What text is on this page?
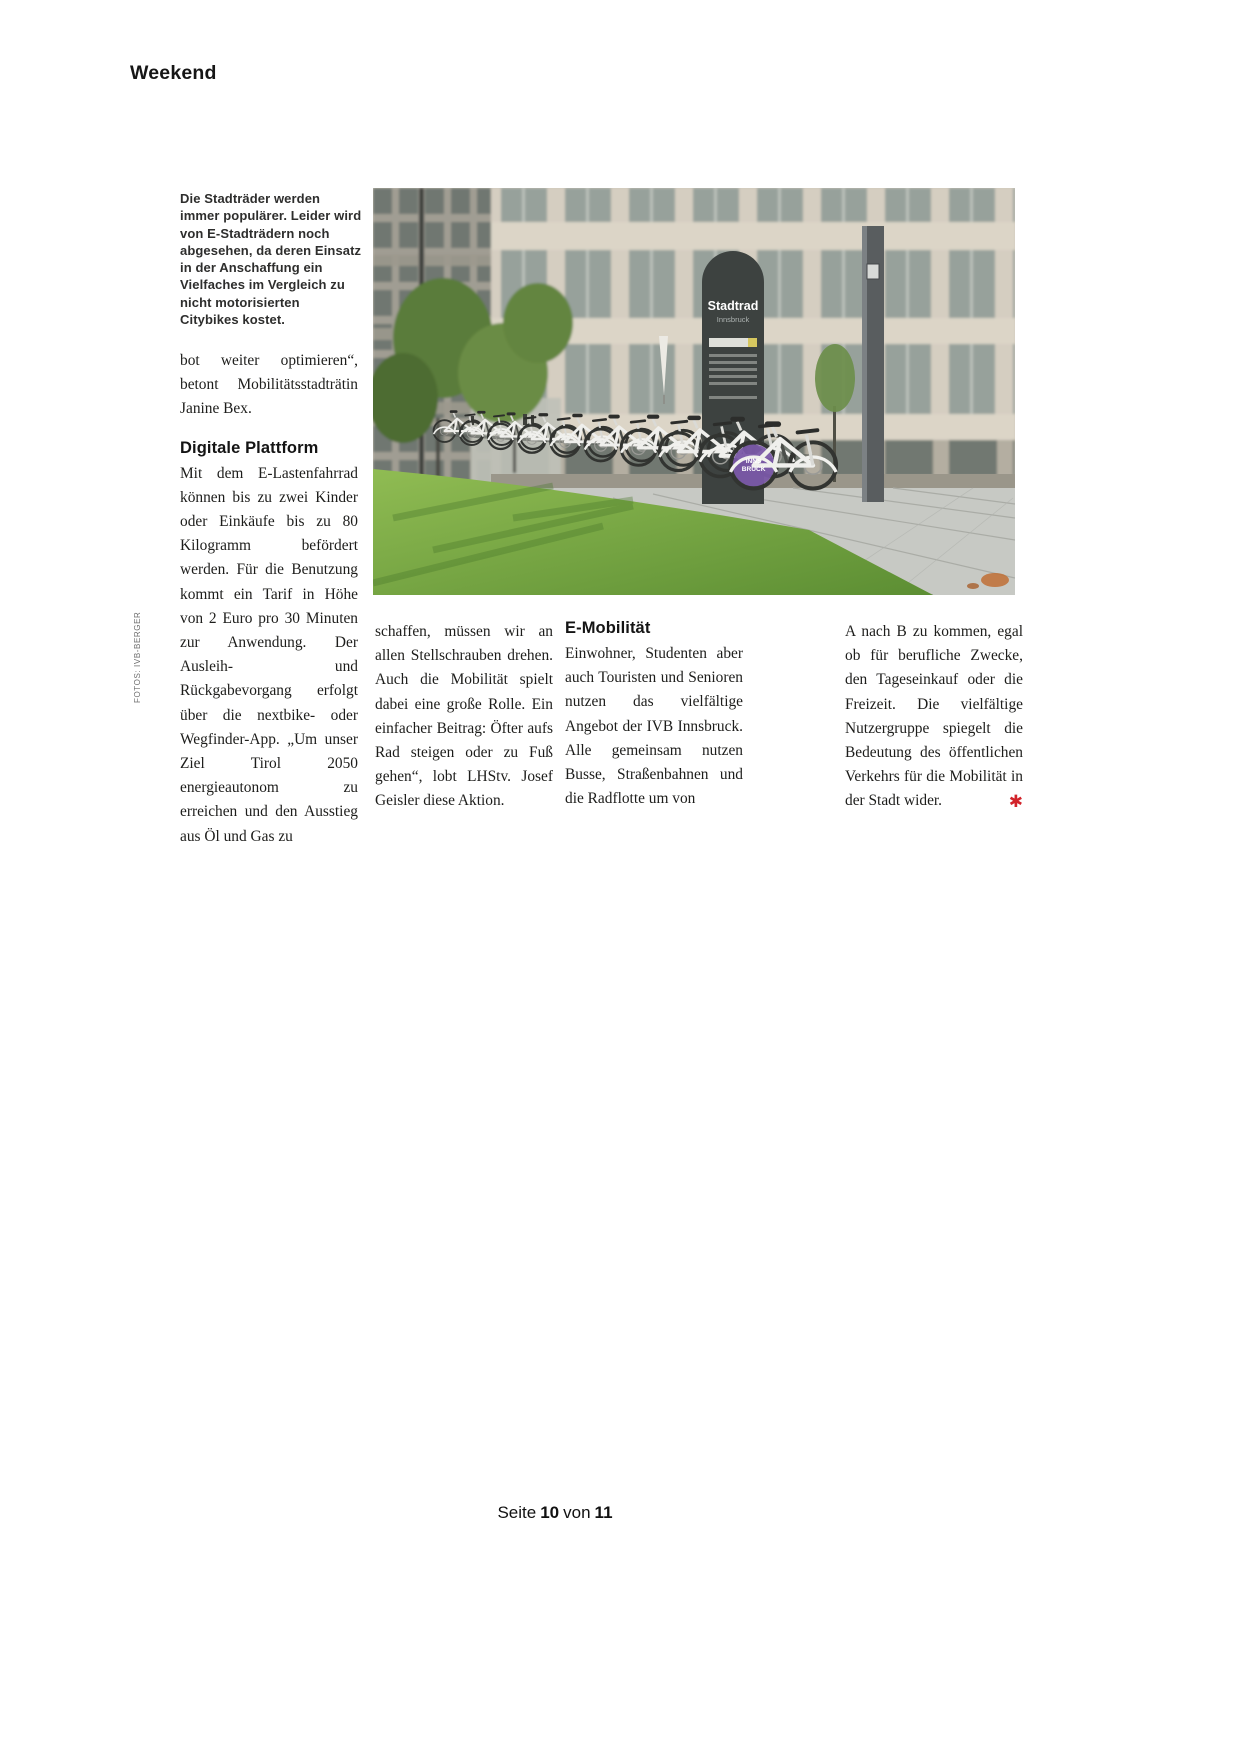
Weekend
Die Stadträder werden immer populärer. Leider wird von E-Stadträdern noch abgesehen, da deren Einsatz in der Anschaffung ein Vielfaches im Vergleich zu nicht motorisierten Citybikes kostet.
FOTOS: IVB-BERGER
Stadtrad
Innsbruck
INNS
BRUCK

bot weiter optimieren“, betont Mobilitätsstadträtin Janine Bex.

Digitale Plattform

Mit dem E-Lastenfahrrad können bis zu zwei Kinder oder Einkäufe bis zu 80 Kilogramm befördert werden. Für die Benutzung kommt ein Tarif in Höhe von 2 Euro pro 30 Minuten zur Anwendung. Der Ausleih- und Rückgabevorgang erfolgt über die nextbike- oder Wegfinder-App. „Um unser Ziel Tirol 2050 energieautonom zu erreichen und den Ausstieg aus Öl und Gas zu

schaffen, müssen wir an allen Stellschrauben drehen. Auch die Mobilität spielt dabei eine große Rolle. Ein einfacher Beitrag: Öfter aufs Rad steigen oder zu Fuß gehen“, lobt LHStv. Josef Geisler diese Aktion.

E-Mobilität

Einwohner, Studenten aber auch Touristen und Senioren nutzen das vielfältige Angebot der IVB Innsbruck. Alle gemeinsam nutzen Busse, Straßenbahnen und die Radflotte um von

A nach B zu kommen, egal ob für berufliche Zwecke, den Tageseinkauf oder die Freizeit. Die vielfältige Nutzergruppe spiegelt die Bedeutung des öffentlichen Verkehrs für die Mobilität in der Stadt wider.	✱
Seite 10 von 11
